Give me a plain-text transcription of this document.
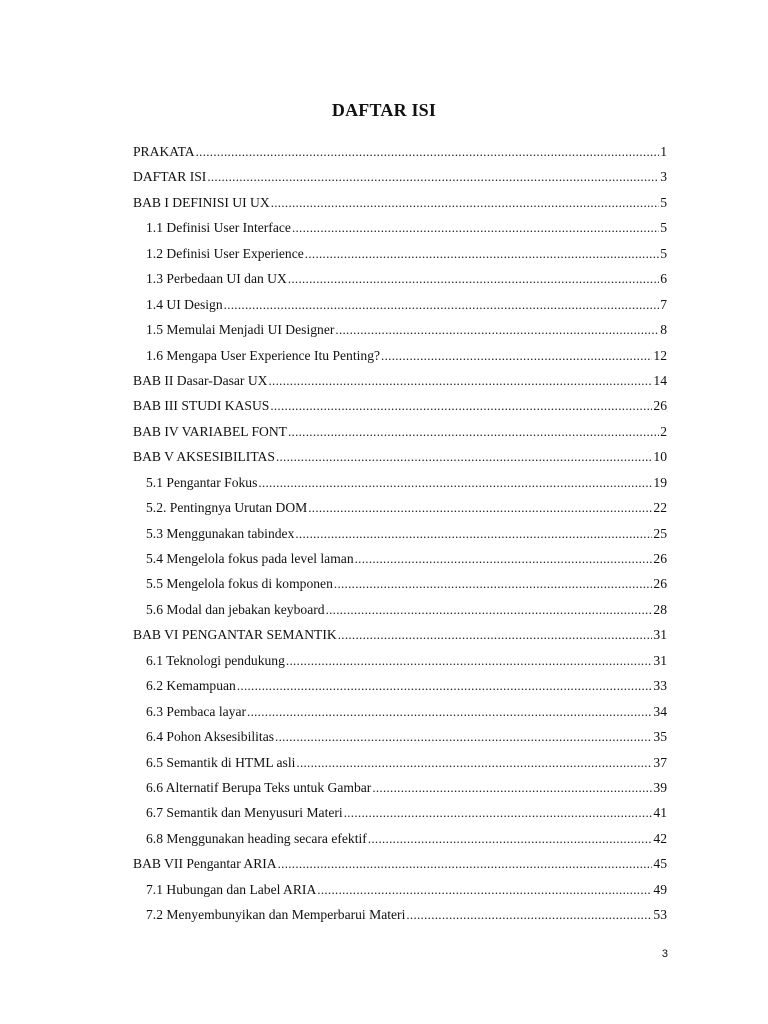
DAFTAR ISI
PRAKATA .....	1
DAFTAR ISI .....	3
BAB I DEFINISI UI UX .....	5
1.1 Definisi User Interface .....	5
1.2 Definisi User Experience .....	5
1.3 Perbedaan UI dan UX .....	6
1.4 UI Design .....	7
1.5 Memulai Menjadi UI Designer .....	8
1.6 Mengapa User Experience Itu Penting? .....	12
BAB II Dasar-Dasar UX .....	14
BAB III STUDI KASUS .....	26
BAB IV VARIABEL FONT .....	2
BAB V AKSESIBILITAS .....	10
5.1 Pengantar Fokus .....	19
5.2. Pentingnya Urutan DOM .....	22
5.3 Menggunakan tabindex .....	25
5.4 Mengelola fokus pada level laman .....	26
5.5 Mengelola fokus di komponen .....	26
5.6 Modal dan jebakan keyboard .....	28
BAB VI PENGANTAR SEMANTIK .....	31
6.1 Teknologi pendukung .....	31
6.2 Kemampuan .....	33
6.3 Pembaca layar .....	34
6.4 Pohon Aksesibilitas .....	35
6.5 Semantik di HTML asli .....	37
6.6 Alternatif Berupa Teks untuk Gambar .....	39
6.7 Semantik dan Menyusuri Materi .....	41
6.8 Menggunakan heading secara efektif .....	42
BAB VII Pengantar ARIA .....	45
7.1 Hubungan dan Label ARIA .....	49
7.2 Menyembunyikan dan Memperbarui Materi .....	53
3
